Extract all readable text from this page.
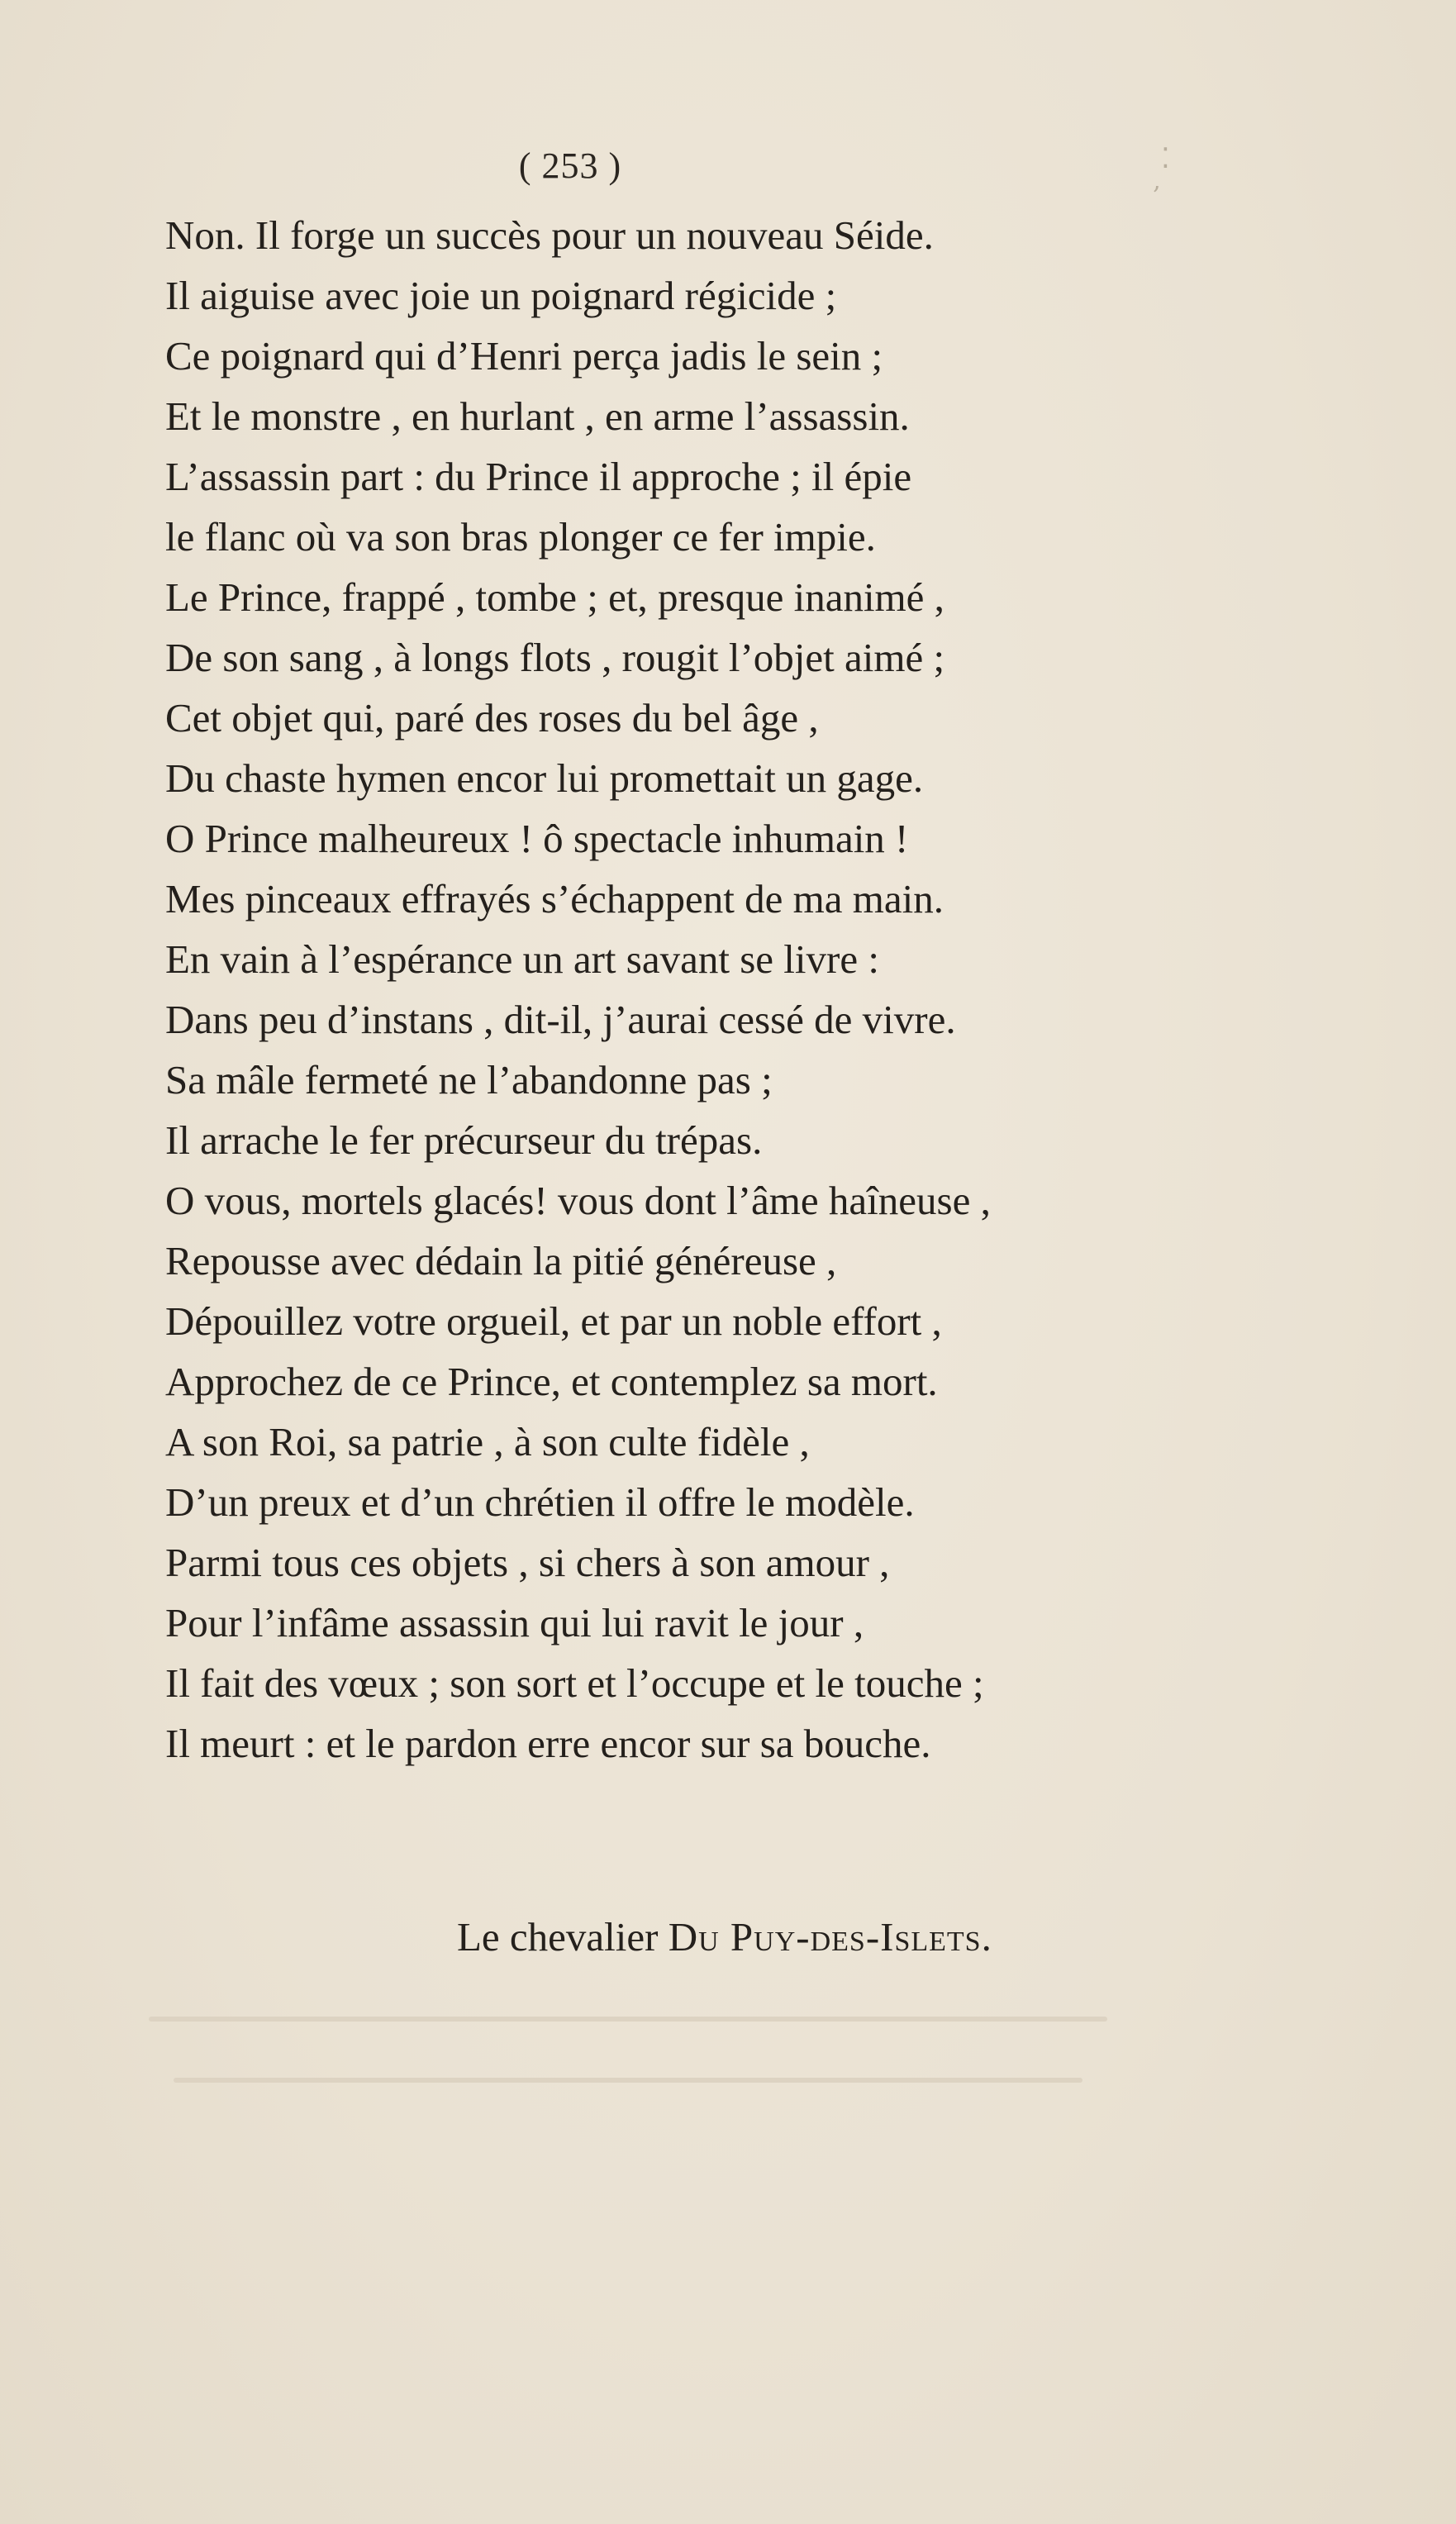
( 253 )	⁚
՚
Non. Il forge un succès pour un nouveau Séide.
Il aiguise avec joie un poignard régicide ;
Ce poignard qui d’Henri perça jadis le sein ;
Et le monstre , en hurlant , en arme l’assassin.
L’assassin part : du Prince il approche ; il épie
le flanc où va son bras plonger ce fer impie.
Le Prince, frappé , tombe ; et, presque inanimé ,
De son sang , à longs flots , rougit l’objet aimé ;
Cet objet qui, paré des roses du bel âge ,
Du chaste hymen encor lui promettait un gage.
O Prince malheureux ! ô spectacle inhumain !
Mes pinceaux effrayés s’échappent de ma main.
En vain à l’espérance un art savant se livre :
Dans peu d’instans , dit-il, j’aurai cessé de vivre.
Sa mâle fermeté ne l’abandonne pas ;
Il arrache le fer précurseur du trépas.
O vous, mortels glacés! vous dont l’âme haîneuse ,
Repousse avec dédain la pitié généreuse ,
Dépouillez votre orgueil, et par un noble effort ,
Approchez de ce Prince, et contemplez sa mort.
A son Roi, sa patrie , à son culte fidèle ,
D’un preux et d’un chrétien il offre le modèle.
Parmi tous ces objets , si chers à son amour ,
Pour l’infâme assassin qui lui ravit le jour ,
Il fait des vœux ; son sort et l’occupe et le touche ;
Il meurt : et le pardon erre encor sur sa bouche.
Le chevalier Du Puy-des-Islets.
